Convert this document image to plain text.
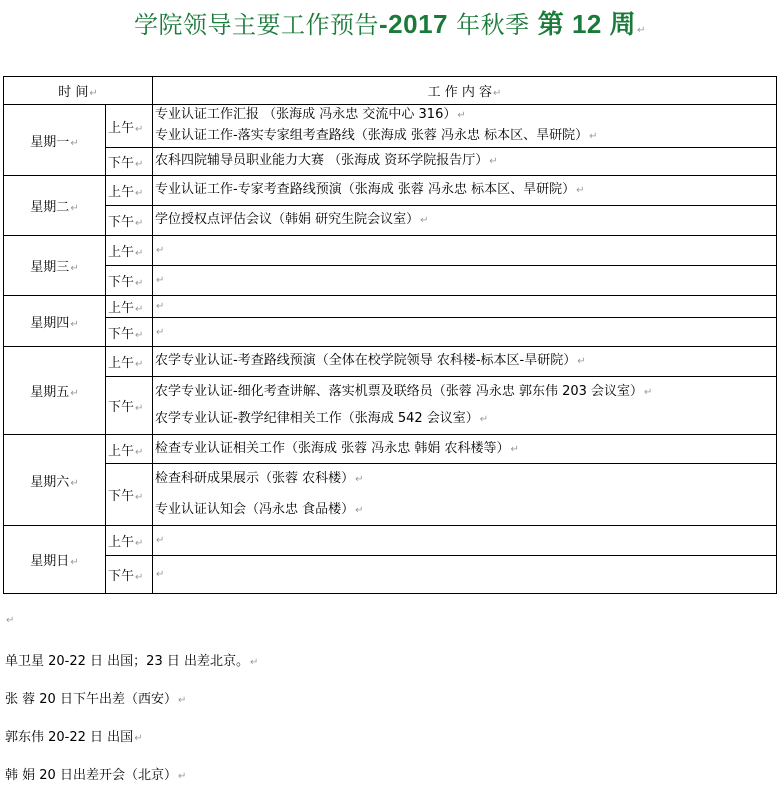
学院领导主要工作预告-2017 年秋季 第 12 周↵
时 间↵		工 作 内 容↵
星期一↵	上午↵	专业认证工作汇报 （张海成 冯永忠 交流中心 316）↵
专业认证工作-落实专家组考查路线（张海成 张蓉 冯永忠 标本区、旱研院）↵

	下午↵	农科四院辅导员职业能力大赛 （张海成 资环学院报告厅）↵

星期二↵	上午↵	专业认证工作-专家考查路线预演（张海成 张蓉 冯永忠 标本区、旱研院）↵

	下午↵	学位授权点评估会议（韩娟 研究生院会议室）↵

星期三↵	上午↵	↵

	下午↵	↵

星期四↵	上午↵	↵

	下午↵	↵

星期五↵	上午↵	农学专业认证-考查路线预演（全体在校学院领导 农科楼-标本区-旱研院）↵

	下午↵	农学专业认证-细化考查讲解、落实机票及联络员（张蓉 冯永忠 郭东伟 203 会议室）↵
农学专业认证-教学纪律相关工作（张海成 542 会议室）↵

星期六↵	上午↵	检查专业认证相关工作（张海成 张蓉 冯永忠 韩娟 农科楼等）↵

	下午↵	检查科研成果展示（张蓉 农科楼）↵
专业认证认知会（冯永忠 食品楼）↵

星期日↵	上午↵	↵

	下午↵	↵
↵
单卫星 20-22 日 出国；23 日 出差北京。↵
张 蓉 20 日下午出差（西安）↵
郭东伟 20-22 日 出国↵
韩 娟 20 日出差开会（北京）↵
